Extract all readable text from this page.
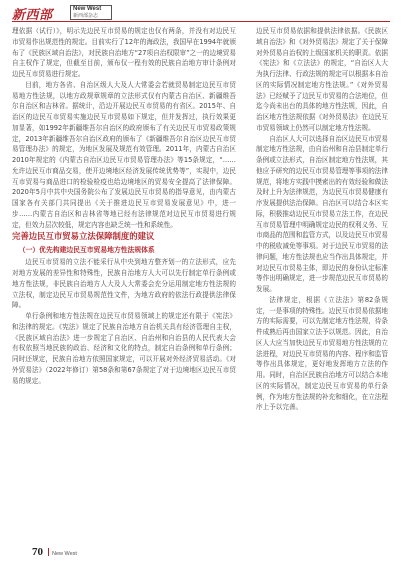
新西部	New West
新西部杂志

理依据（试行）》，明示先边民互市贸易的规定也仅有两条，并没有对边民互市贸易作出规范性的规定。目前实行了12年的海政法，我国早在1994年就颁布了《民族区域自治法》，对民族自治地方“27项自治权限审”之一的边境贸易自主权作了规定，但截至目前，颁布仅一程有效的民族自治地方审计条例对边民互市贸易进行规定。

目前，地方各省、自治区级人大及人大常委会若就贸易制定边民互市贸易地方性法规，以地方政规章规章的立法形式仅有内蒙古自治区、新疆维吾尔自治区和吉林省。据统计，沿边开展边民互市贸易的有省区。2015年、自治区的边民互市贸易实施边民互市贸易如下规定，但并发挥过，执行效果更加显著，如1992年新疆维吾尔自治区的政府颁布了有关边民互市贸易政策规定，2013年新疆维吾尔自治区政府的颁布了《新疆维吾尔自治区边民互市贸易管理办法》的规定，为地区发展及规范有效管理。2011年，内蒙古自治区2010年规定的《内蒙古自治区边民互市贸易管理办法》等15条规定，“……允许边民互市商品交易，使开边境地区经济发展传统优势等”，实现中，边民互市贸易与商品进口的检验检疫也给边境地区的贸易安全提高了法律保障。2020年5月中共中央国务院公布了发展边民互市贸易的指导意见，由内蒙古国家各有关部门共同提出《关于推进边民互市贸易发展意见》中，进一步……内蒙古自治区和吉林省等地已经有法律规范对边民互市贸易进行规定，但效力层次较低，规定内容也缺乏统一性和系统性。

完善边民互市贸易立法保障制度的建议

（一）优先构建边民互市贸易地方性法规体系

边民互市贸易的立法不能采行从中央到地方整齐划一的立法形式，应先对地方发展的差异性和特殊性，民族自治地方人大可以先行制定单行条例或地方性法规，非民族自治地方人大及人大常委会充分运用制定地方性法规的立法权，制定边民互市贸易规范性文件，为地方政府的依法行政提供法律保障。

单行条例和地方性法规在边民互市贸易领域上的规定还有限于《宪法》和法律的规定。《宪法》规定了民族自治地方自治机关具有经济管理自主权，《民族区域自治法》进一步规定了自治区、自治州和自治县的人民代表大会有权依照当地民族的政治、经济和文化的特点，制定自治条例和单行条例；同时还规定，民族自治地方依照国家规定，可以开展对外经济贸易活动。《对外贸易法》（2022年修订）第58条和第67条规定了对于边境地区边民互市贸易的规定。

边民互市贸易依据和提供法律依据。《民族区域自治法》和《对外贸易法》规定了关于保障对外贸易自治权的上级国家机关的职责。依据《宪法》和《立法法》的规定，“自治区人大为执行法律、行政法规的规定可以根据本自治区的实际情况制定地方性法规。”《对外贸易法》已经赋予了边民互市贸易的合法地位，但迄今尚未出台的具体的地方性法规，因此，自治区地方性法规依据《对外贸易法》在边民互市贸易领域上仍然可以制定地方性法规。

自治区人大可以选择自治区边民互市贸易制定地方性法规，由自治州和自治县制定单行条例或立法形式，自治区制定地方性法规，其他应予研究的边民互市贸易管理等事项的法律规范，将地方实践中摸索出的有效经验和做法及时上升为法律规范，为边民互市贸易健康有序发展提供法治保障。自治区可以结合本区实际，积极推动边民互市贸易立法工作，在边民互市贸易管理中明确规定边民的权利义务、互市商品的范围和监管方式，以及边民互市贸易中的税收减免等事项。对于边民互市贸易的法律问题，地方性法规也应当作出具体规定，并对边民互市贸易主体，即边民的身份认定标准等作出明确规定，进一步规范边民互市贸易的发展。

法律规定，根据《立法法》第82条规定，一是事项的特殊性。边民互市贸易依据地方的实际需要，可以先制定地方性法规，待条件成熟后再由国家立法予以规范。因此，自治区人大应当加快边民互市贸易地方性法规的立法进程，对边民互市贸易的内容、程序和监管等作出具体规定，更好地发挥地方立法的作用。同时，自治区民族自治地方可以结合本地区的实际情况，制定边民互市贸易的单行条例，作为地方性法规的补充和细化，在立法程序上予以完善。

70 New West
